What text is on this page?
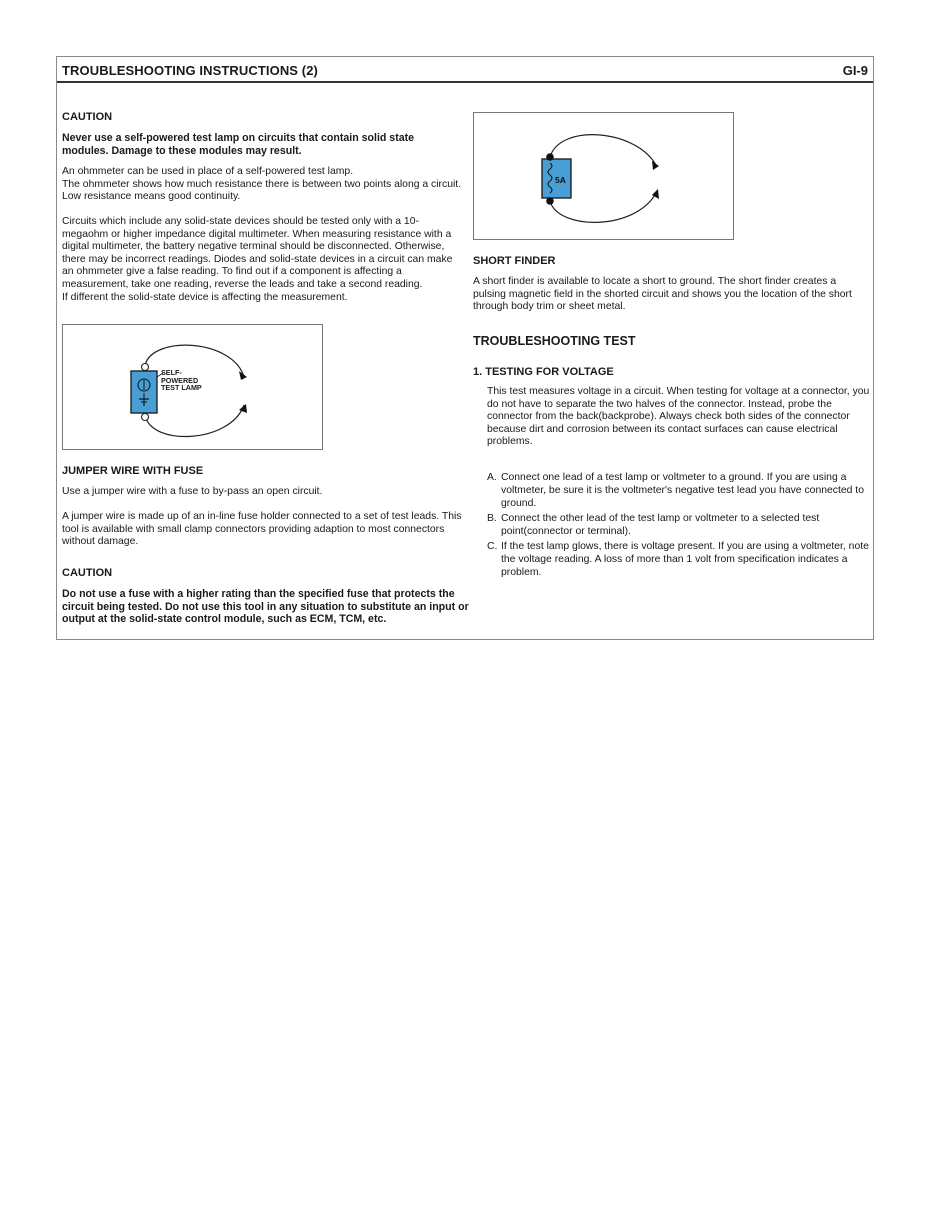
TROUBLESHOOTING INSTRUCTIONS (2)	GI-9
CAUTION
Never use a self-powered test lamp on circuits that contain solid state modules. Damage to these modules may result.
An ohmmeter can be used in place of a self-powered test lamp.
The ohmmeter shows how much resistance there is between two points along a circuit. Low resistance means good continuity.
Circuits which include any solid-state devices should be tested only with a 10-megaohm or higher impedance digital multimeter. When measuring resistance with a digital multimeter, the battery negative terminal should be disconnected. Otherwise, there may be incorrect readings. Diodes and solid-state devices in a circuit can make an ohmmeter give a false reading. To find out if a component is affecting a measurement, take one reading, reverse the leads and take a second reading.
If different the solid-state device is affecting the measurement.
SELF-
POWERED
TEST LAMP
JUMPER WIRE WITH FUSE
Use a jumper wire with a fuse to by-pass an open circuit.
A jumper wire is made up of an in-line fuse holder connected to a set of test leads. This tool is available with small clamp connectors providing adaption to most connectors without damage.
CAUTION
Do not use a fuse with a higher rating than the specified fuse that protects the circuit being tested. Do not use this tool in any situation to substitute an input or output at the solid-state control module, such as ECM, TCM, etc.
5A
SHORT FINDER
A short finder is available to locate a short to ground. The short finder creates a pulsing magnetic field in the shorted circuit and shows you the location of the short through body trim or sheet metal.
TROUBLESHOOTING TEST
1. TESTING FOR VOLTAGE
This test measures voltage in a circuit. When testing for voltage at a connector, you do not have to separate the two halves of the connector. Instead, probe the connector from the back(backprobe). Always check both sides of the connector because dirt and corrosion between its contact surfaces can cause electrical problems.
A. Connect one lead of a test lamp or voltmeter to a ground. If you are using a voltmeter, be sure it is the voltmeter's negative test lead you have connected to ground.
B. Connect the other lead of the test lamp or voltmeter to a selected test point(connector or terminal).
C. If the test lamp glows, there is voltage present. If you are using a voltmeter, note the voltage reading. A loss of more than 1 volt from specification indicates a problem.
